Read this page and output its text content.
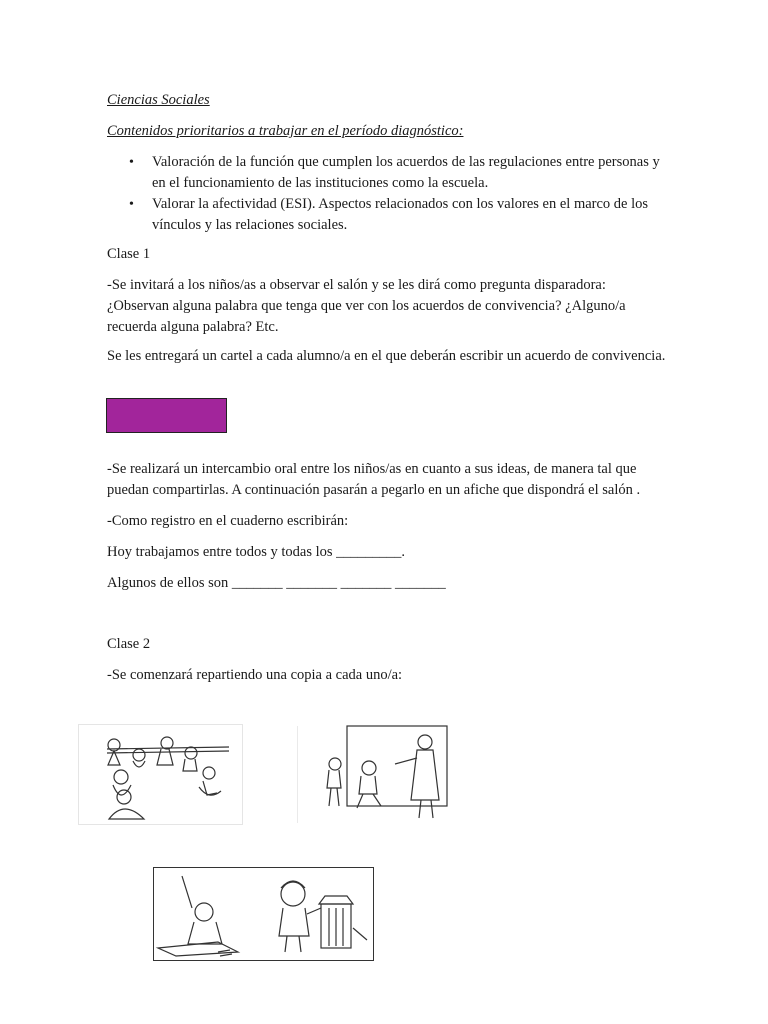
Ciencias Sociales

Contenidos prioritarios a trabajar en el período diagnóstico:

• Valoración de la función que cumplen los acuerdos de las regulaciones entre personas y en el funcionamiento de las instituciones como la escuela.
• Valorar la afectividad (ESI). Aspectos relacionados con los valores en el marco de los vínculos y las relaciones sociales.

Clase 1

-Se invitará a los niños/as a observar el salón y se les dirá como pregunta disparadora: ¿Observan alguna palabra que tenga que ver con los acuerdos de convivencia? ¿Alguno/a recuerda alguna palabra? Etc.

Se les entregará un cartel a cada alumno/a en el que deberán escribir un acuerdo de convivencia.

-Se realizará un intercambio oral entre los niños/as en cuanto a sus ideas, de manera tal que puedan compartirlas. A continuación pasarán a pegarlo en un afiche que dispondrá el salón .

-Como registro en el cuaderno escribirán:

Hoy trabajamos entre todos y todas los _________.

Algunos de ellos son _______ _______ _______ _______

Clase 2

-Se comenzará repartiendo una copia a cada uno/a:
